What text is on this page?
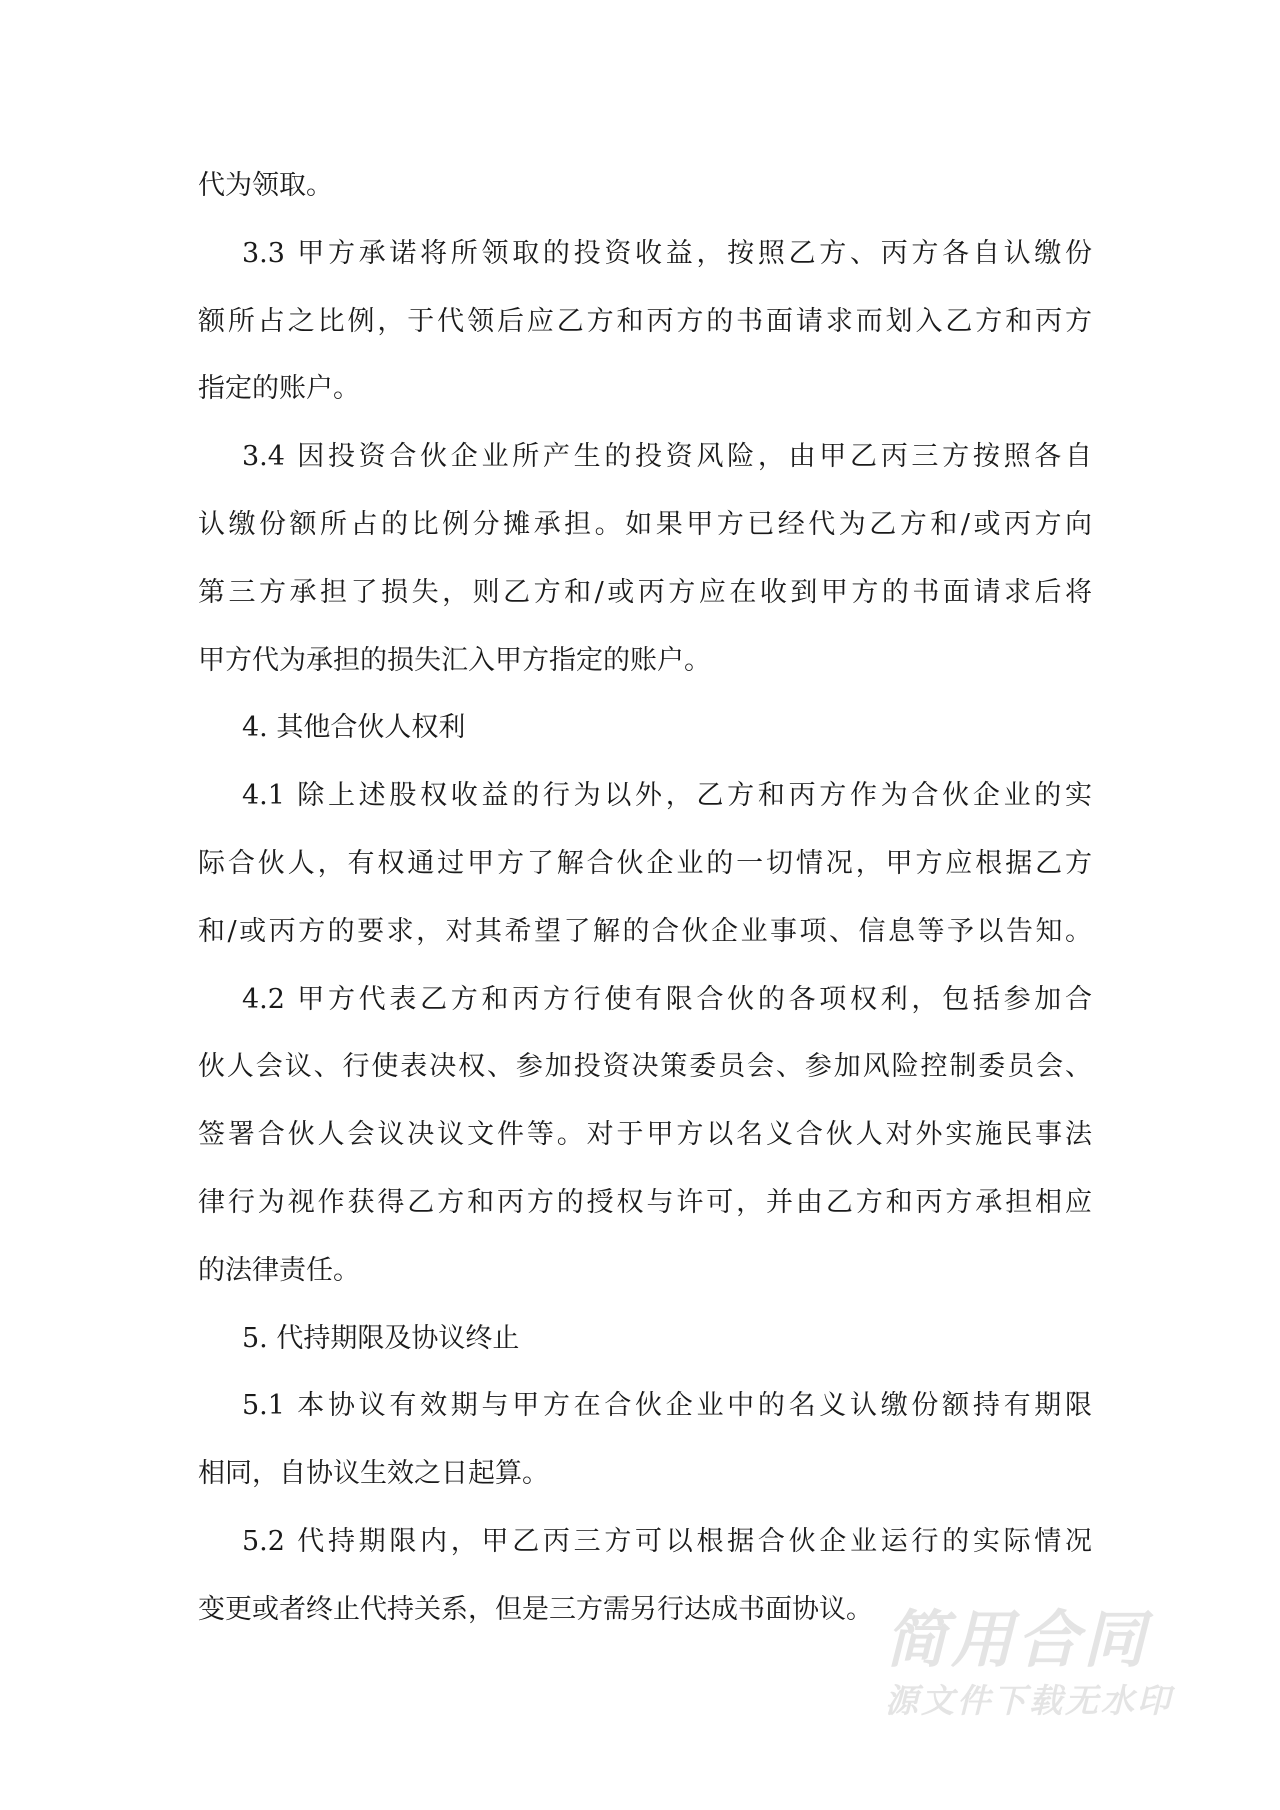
代为领取。
3.3 甲方承诺将所领取的投资收益，按照乙方、丙方各自认缴份
额所占之比例，于代领后应乙方和丙方的书面请求而划入乙方和丙方
指定的账户。
3.4 因投资合伙企业所产生的投资风险，由甲乙丙三方按照各自
认缴份额所占的比例分摊承担。如果甲方已经代为乙方和/或丙方向
第三方承担了损失，则乙方和/或丙方应在收到甲方的书面请求后将
甲方代为承担的损失汇入甲方指定的账户。
4. 其他合伙人权利
4.1 除上述股权收益的行为以外，乙方和丙方作为合伙企业的实
际合伙人，有权通过甲方了解合伙企业的一切情况，甲方应根据乙方
和/或丙方的要求，对其希望了解的合伙企业事项、信息等予以告知。
4.2 甲方代表乙方和丙方行使有限合伙的各项权利，包括参加合
伙人会议、行使表决权、参加投资决策委员会、参加风险控制委员会、
签署合伙人会议决议文件等。对于甲方以名义合伙人对外实施民事法
律行为视作获得乙方和丙方的授权与许可，并由乙方和丙方承担相应
的法律责任。
5. 代持期限及协议终止
5.1 本协议有效期与甲方在合伙企业中的名义认缴份额持有期限
相同，自协议生效之日起算。
5.2 代持期限内，甲乙丙三方可以根据合伙企业运行的实际情况
变更或者终止代持关系，但是三方需另行达成书面协议。 简用合同
源文件下载无水印
